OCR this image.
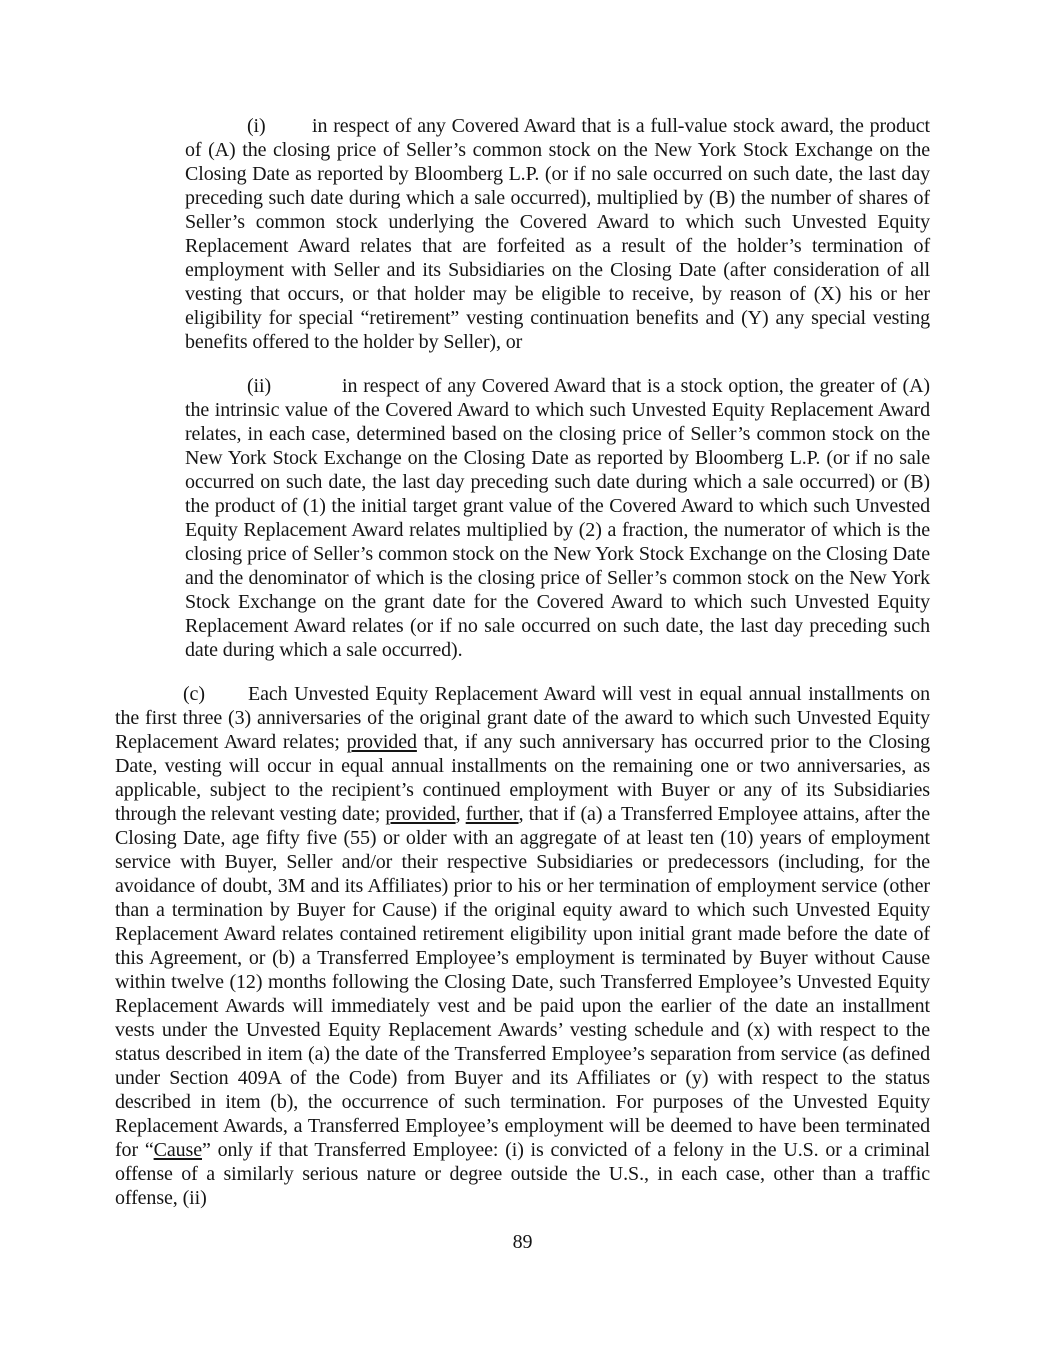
(i) in respect of any Covered Award that is a full-value stock award, the product of (A) the closing price of Seller’s common stock on the New York Stock Exchange on the Closing Date as reported by Bloomberg L.P. (or if no sale occurred on such date, the last day preceding such date during which a sale occurred), multiplied by (B) the number of shares of Seller’s common stock underlying the Covered Award to which such Unvested Equity Replacement Award relates that are forfeited as a result of the holder’s termination of employment with Seller and its Subsidiaries on the Closing Date (after consideration of all vesting that occurs, or that holder may be eligible to receive, by reason of (X) his or her eligibility for special “retirement” vesting continuation benefits and (Y) any special vesting benefits offered to the holder by Seller), or

(ii)	in respect of any Covered Award that is a stock option, the greater of (A) the intrinsic value of the Covered Award to which such Unvested Equity Replacement Award relates, in each case, determined based on the closing price of Seller’s common stock on the New York Stock Exchange on the Closing Date as reported by Bloomberg L.P. (or if no sale occurred on such date, the last day preceding such date during which a sale occurred) or (B) the product of (1) the initial target grant value of the Covered Award to which such Unvested Equity Replacement Award relates multiplied by (2) a fraction, the numerator of which is the closing price of Seller’s common stock on the New York Stock Exchange on the Closing Date and the denominator of which is the closing price of Seller’s common stock on the New York Stock Exchange on the grant date for the Covered Award to which such Unvested Equity Replacement Award relates (or if no sale occurred on such date, the last day preceding such date during which a sale occurred).

(c) Each Unvested Equity Replacement Award will vest in equal annual installments on the first three (3) anniversaries of the original grant date of the award to which such Unvested Equity Replacement Award relates; provided that, if any such anniversary has occurred prior to the Closing Date, vesting will occur in equal annual installments on the remaining one or two anniversaries, as applicable, subject to the recipient’s continued employment with Buyer or any of its Subsidiaries through the relevant vesting date; provided, further, that if (a) a Transferred Employee attains, after the Closing Date, age fifty five (55) or older with an aggregate of at least ten (10) years of employment service with Buyer, Seller and/or their respective Subsidiaries or predecessors (including, for the avoidance of doubt, 3M and its Affiliates) prior to his or her termination of employment service (other than a termination by Buyer for Cause) if the original equity award to which such Unvested Equity Replacement Award relates contained retirement eligibility upon initial grant made before the date of this Agreement, or (b) a Transferred Employee’s employment is terminated by Buyer without Cause within twelve (12) months following the Closing Date, such Transferred Employee’s Unvested Equity Replacement Awards will immediately vest and be paid upon the earlier of the date an installment vests under the Unvested Equity Replacement Awards’ vesting schedule and (x) with respect to the status described in item (a) the date of the Transferred Employee’s separation from service (as defined under Section 409A of the Code) from Buyer and its Affiliates or (y) with respect to the status described in item (b), the occurrence of such termination. For purposes of the Unvested Equity Replacement Awards, a Transferred Employee’s employment will be deemed to have been terminated for “Cause” only if that Transferred Employee: (i) is convicted of a felony in the U.S. or a criminal offense of a similarly serious nature or degree outside the U.S., in each case, other than a traffic offense, (ii)

89
